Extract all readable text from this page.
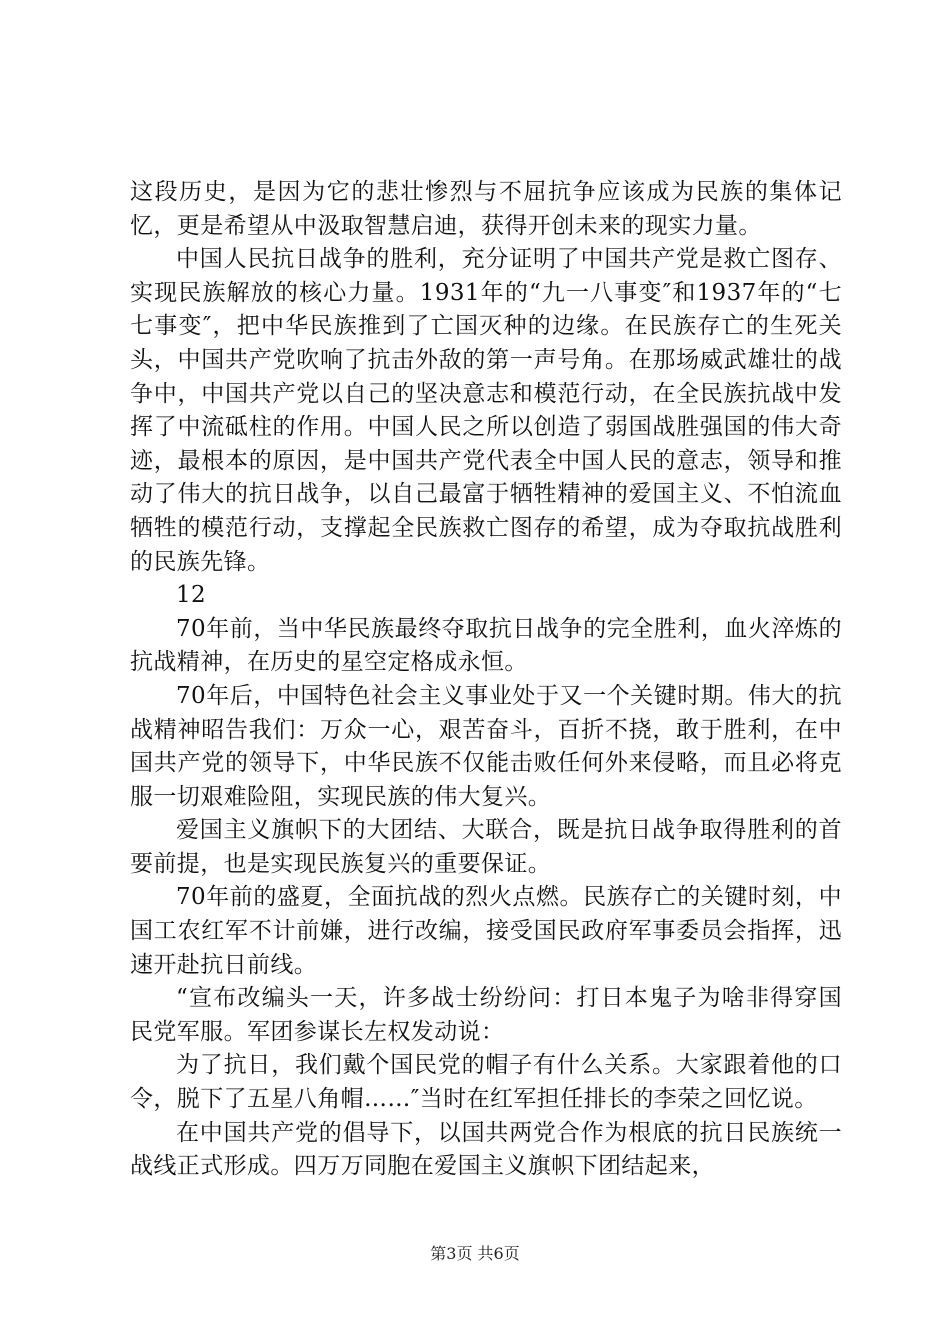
这段历史，是因为它的悲壮惨烈与不屈抗争应该成为民族的集体记忆，更是希望从中汲取智慧启迪，获得开创未来的现实力量。

中国人民抗日战争的胜利，充分证明了中国共产党是救亡图存、实现民族解放的核心力量。1931年的“九一八事变″和1937年的“七七事变″，把中华民族推到了亡国灭种的边缘。在民族存亡的生死关头，中国共产党吹响了抗击外敌的第一声号角。在那场威武雄壮的战争中，中国共产党以自己的坚决意志和模范行动，在全民族抗战中发挥了中流砥柱的作用。中国人民之所以创造了弱国战胜强国的伟大奇迹，最根本的原因，是中国共产党代表全中国人民的意志，领导和推动了伟大的抗日战争，以自己最富于牺牲精神的爱国主义、不怕流血牺牲的模范行动，支撑起全民族救亡图存的希望，成为夺取抗战胜利的民族先锋。

12

70年前，当中华民族最终夺取抗日战争的完全胜利，血火淬炼的抗战精神，在历史的星空定格成永恒。

70年后，中国特色社会主义事业处于又一个关键时期。伟大的抗战精神昭告我们：万众一心，艰苦奋斗，百折不挠，敢于胜利，在中国共产党的领导下，中华民族不仅能击败任何外来侵略，而且必将克服一切艰难险阻，实现民族的伟大复兴。

爱国主义旗帜下的大团结、大联合，既是抗日战争取得胜利的首要前提，也是实现民族复兴的重要保证。

70年前的盛夏，全面抗战的烈火点燃。民族存亡的关键时刻，中国工农红军不计前嫌，进行改编，接受国民政府军事委员会指挥，迅速开赴抗日前线。

“宣布改编头一天，许多战士纷纷问：打日本鬼子为啥非得穿国民党军服。军团参谋长左权发动说：

为了抗日，我们戴个国民党的帽子有什么关系。大家跟着他的口令，脱下了五星八角帽……″当时在红军担任排长的李荣之回忆说。

在中国共产党的倡导下，以国共两党合作为根底的抗日民族统一战线正式形成。四万万同胞在爱国主义旗帜下团结起来，

第3页 共6页
